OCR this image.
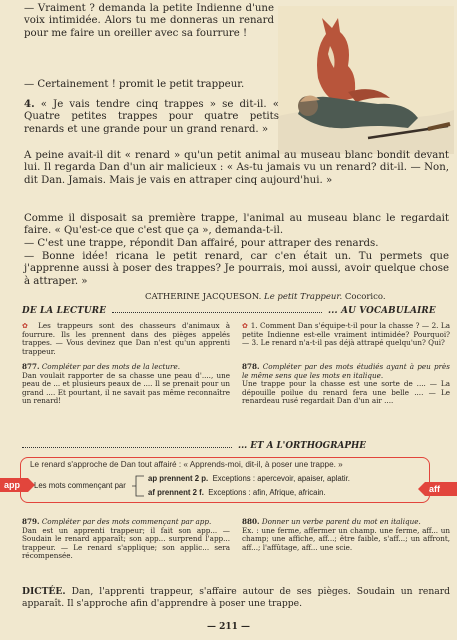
— Vraiment ? demanda la petite Indienne d'une voix intimidée. Alors tu me donneras un renard pour me faire un oreiller avec sa fourrure !

— Certainement ! promit le petit trappeur.

4. « Je vais tendre cinq trappes » se dit-il. « Quatre petites trappes pour quatre petits renards et une grande pour un grand renard. »

A peine avait-il dit « renard » qu'un petit animal au museau blanc bondit devant lui. Il regarda Dan d'un air malicieux : « As-tu jamais vu un renard? dit-il. — Non, dit Dan. Jamais. Mais je vais en attraper cinq aujourd'hui. »

Comme il disposait sa première trappe, l'animal au museau blanc le regardait faire. « Qu'est-ce que c'est que ça », demanda-t-il.

— C'est une trappe, répondit Dan affairé, pour attraper des renards.

— Bonne idée! ricana le petit renard, car c'en était un. Tu permets que j'apprenne aussi à poser des trappes? Je pourrais, moi aussi, avoir quelque chose à attraper. »

CATHERINE JACQUESON. Le petit Trappeur. Cocorico.

DE LA LECTURE	... AU VOCABULAIRE

✿ Les trappeurs sont des chasseurs d'animaux à fourrure. Ils les prennent dans des pièges appelés trappes. — Vous devinez que Dan n'est qu'un apprenti trappeur.

✿ 1. Comment Dan s'équipe-t-il pour la chasse ? — 2. La petite Indienne est-elle vraiment intimidée? Pourquoi? — 3. Le renard n'a-t-il pas déjà attrapé quelqu'un? Qui?

877. Compléter par des mots de la lecture.
Dan voulait rapporter de sa chasse une peau d'...., une peau de ... et plusieurs peaux de .... Il se prenait pour un grand .... Et pourtant, il ne savait pas même reconnaître un renard!
878. Compléter par des mots étudiés ayant à peu près le même sens que les mots en italique.
Une trappe pour la chasse est une sorte de .... — La dépouille poilue du renard fera une belle .... — Le renardeau rusé regardait Dan d'un air ....
... ET A L'ORTHOGRAPHE
Le renard s'approche de Dan tout affairé : « Apprends-moi, dit-il, à poser une trappe. »
app	Les mots commençant par
ap prennent 2 p. Exceptions : apercevoir, apaiser, aplatir.
af prennent 2 f. Exceptions : afin, Afrique, africain.	aff
879. Compléter par des mots commençant par app.
Dan est un apprenti trappeur; il fait son app... — Soudain le renard apparaît; son app... surprend l'app... trappeur. — Le renard s'applique; son applic... sera récompensée.
880. Donner un verbe parent du mot en italique.
Ex. : une ferme, affermer un champ. une ferme, aff... un champ; une affiche, aff...; être faible, s'aff...; un affront, aff...; l'affûtage, aff... une scie.

DICTÉE. Dan, l'apprenti trappeur, s'affaire autour de ses pièges. Soudain un renard apparaît. Il s'approche afin d'apprendre à poser une trappe.

— 211 —
